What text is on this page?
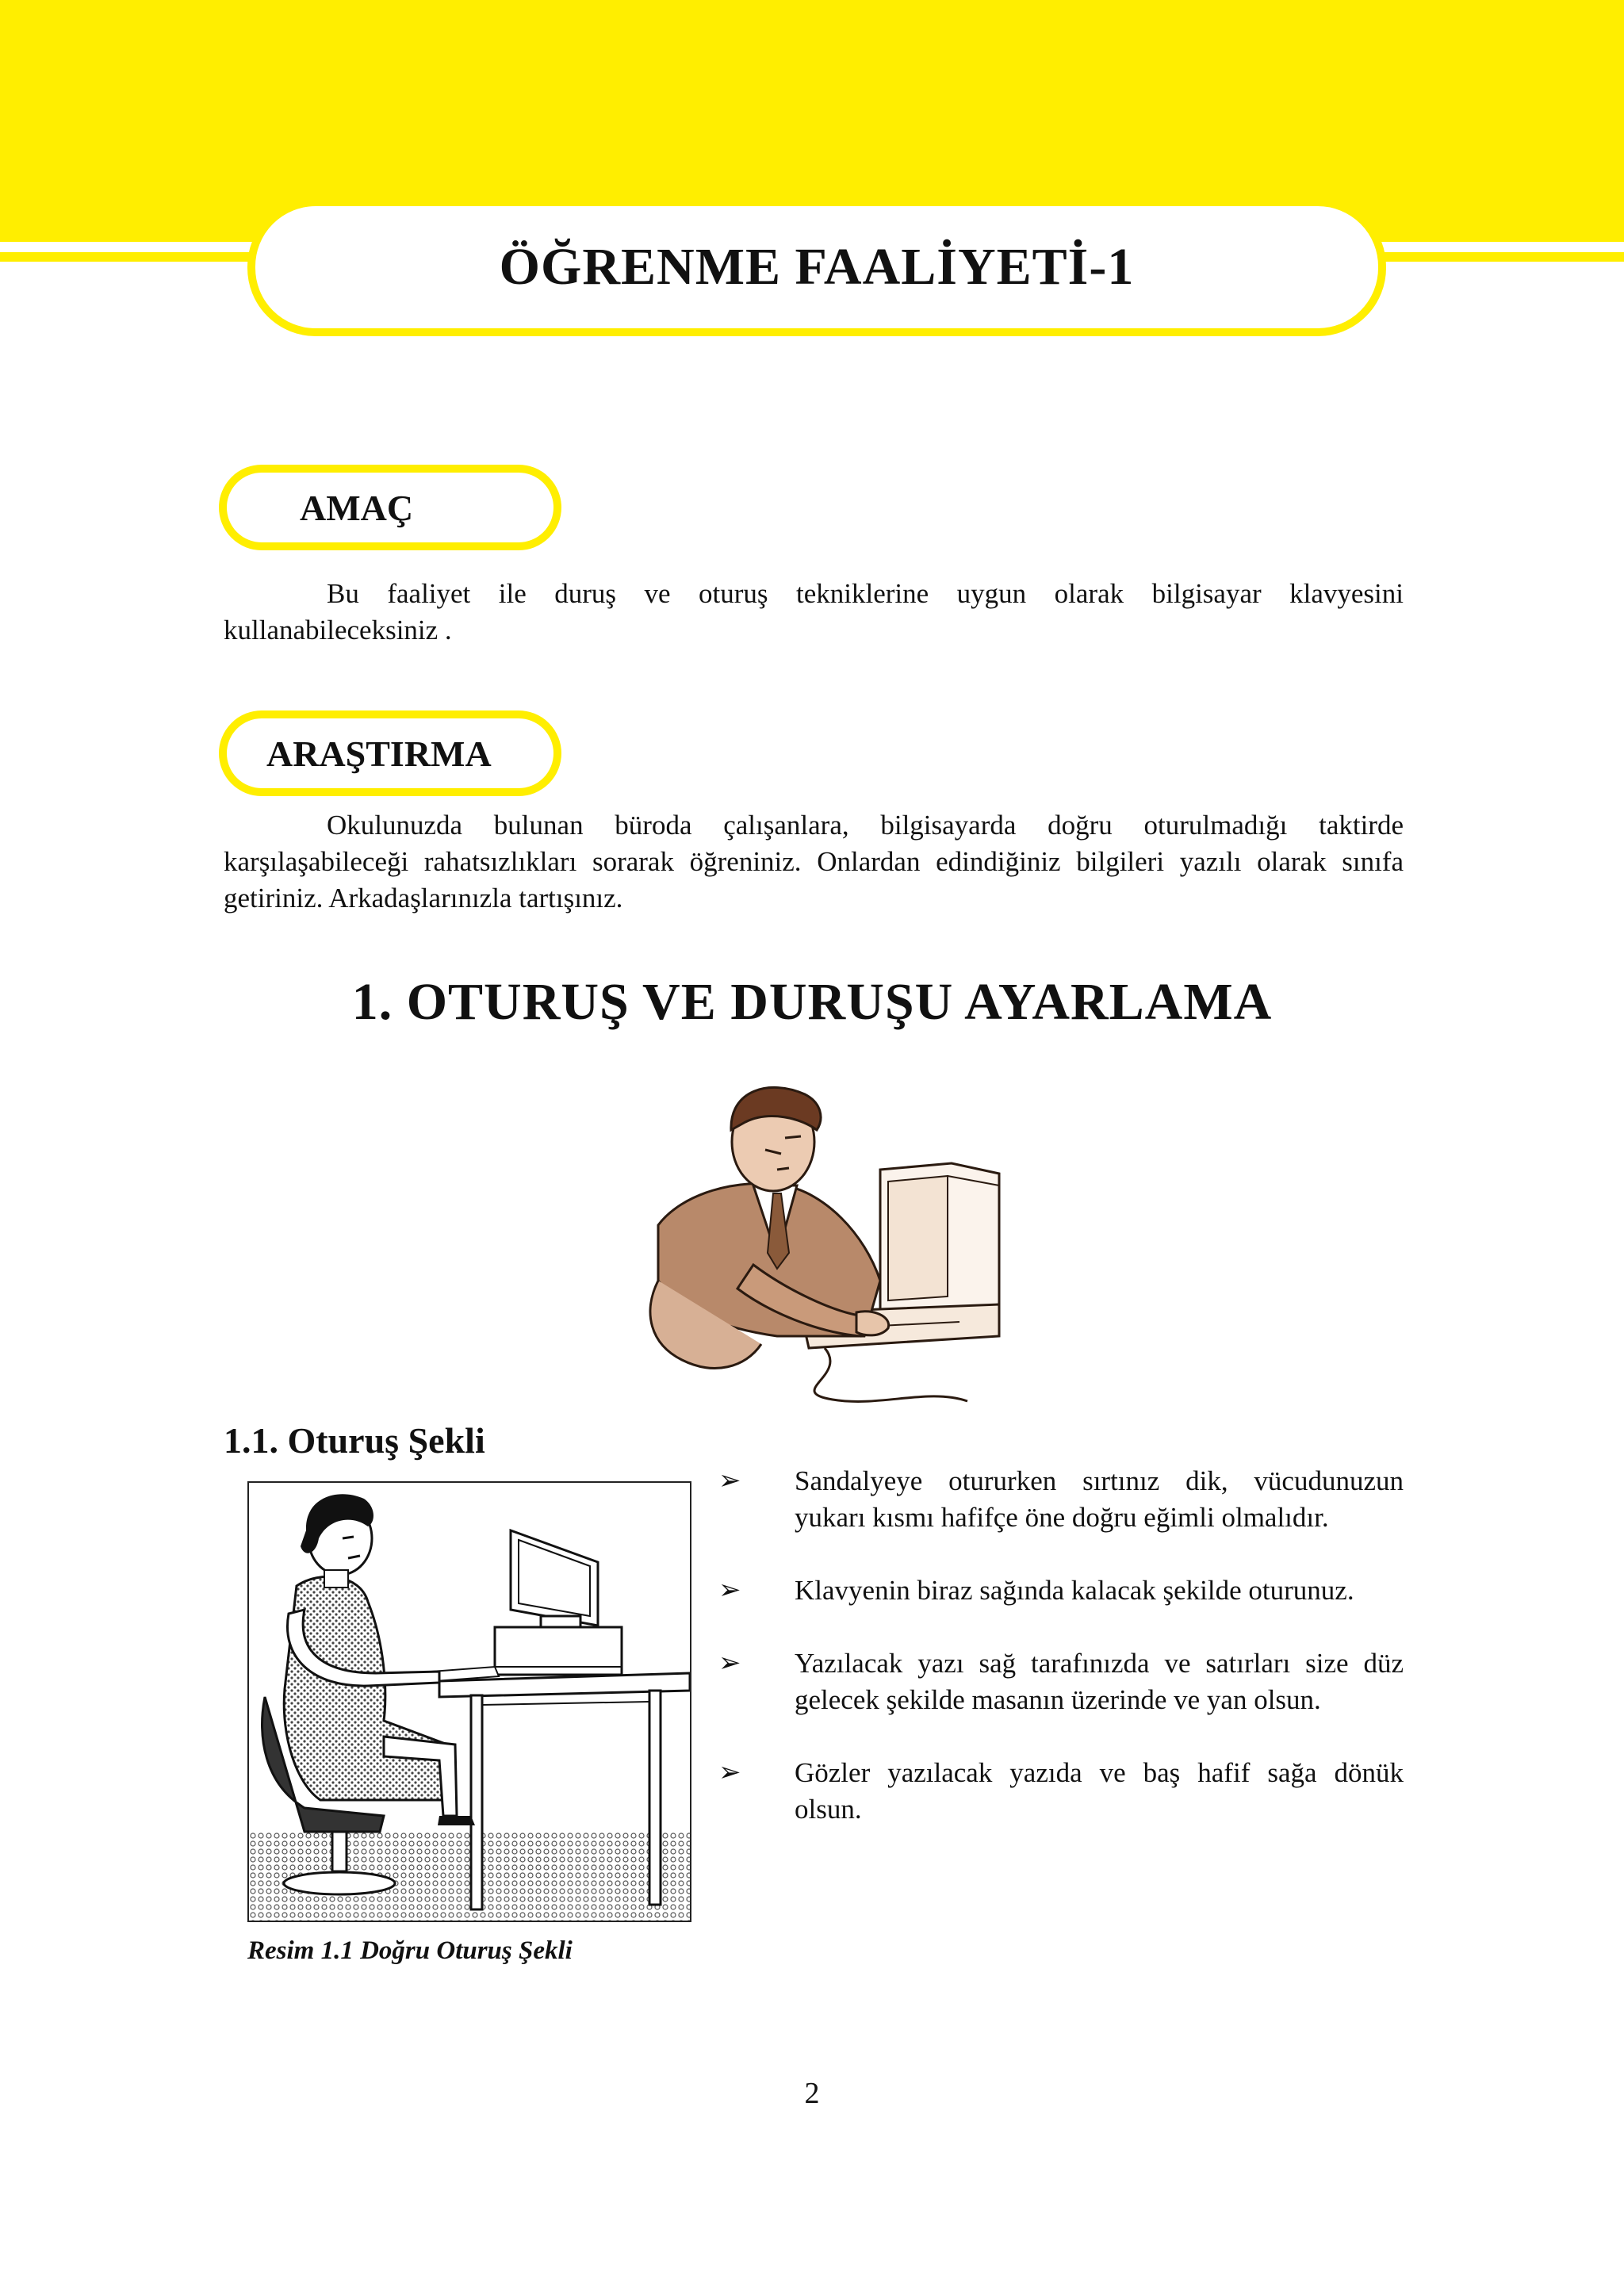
ÖĞRENME FAALİYETİ-1
AMAÇ

Bu faaliyet ile duruş ve oturuş tekniklerine uygun olarak bilgisayar klavyesini kullanabileceksiniz .

ARAŞTIRMA

Okulunuzda bulunan büroda çalışanlara, bilgisayarda doğru oturulmadığı taktirde karşılaşabileceği rahatsızlıkları sorarak öğreniniz. Onlardan edindiğiniz bilgileri yazılı olarak sınıfa getiriniz. Arkadaşlarınızla tartışınız.

1. OTURUŞ VE DURUŞU AYARLAMA
1.1. Oturuş Şekli
Resim 1.1 Doğru Oturuş Şekli
➢	Sandalyeye otururken sırtınız dik, vücudunuzun yukarı kısmı hafifçe öne doğru eğimli olmalıdır.
➢	Klavyenin biraz sağında kalacak şekilde oturunuz.
➢	Yazılacak yazı sağ tarafınızda ve satırları size düz gelecek şekilde masanın üzerinde ve yan olsun.
➢	Gözler yazılacak yazıda ve baş hafif sağa dönük olsun.
2
